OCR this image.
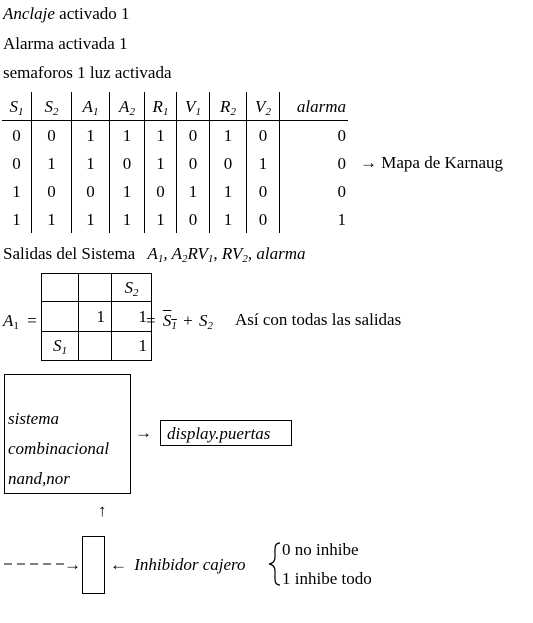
Anclaje activado 1
Alarma activada 1
semaforos 1 luz activada
$S_1$	$S_2$	$A_1$	$A_2$	$R_1$	$V_1$	$R_2$	$V_2$	alarma
0	0	1	1	1	0	1	0	0
0	1	1	0	1	0	0	1	0
1	0	0	1	0	1	1	0	0
1	1	1	1	1	0	1	0	1
→ Mapa de Karnaug
Salidas del Sistema $A_1$, $A_2RV_1$, $RV_2$, alarma
$A_1$ =
		$S_2$
	1	1
$S_1$		1
= $S_1 + S_2$ Así con todas las salidas
sistema
combinacional
nand,nor
→ display.puertas
↑
→ ← Inhibidor cajero
0 no inhibe
1 inhibe todo
